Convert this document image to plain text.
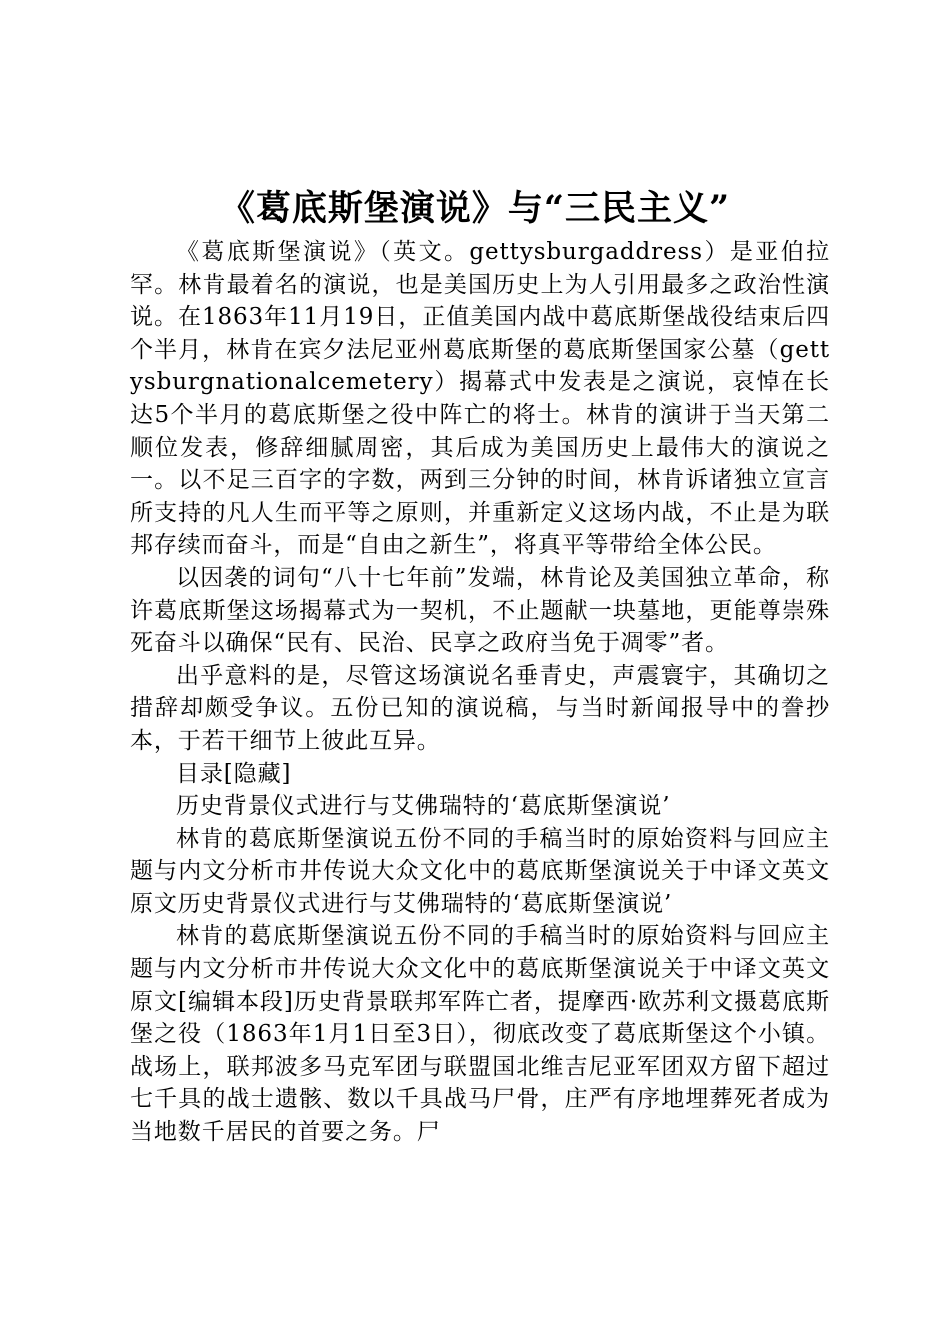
《葛底斯堡演说》与“三民主义”

《葛底斯堡演说》（英文。gettysburgaddress）是亚伯拉罕。林肯最着名的演说，也是美国历史上为人引用最多之政治性演说。在1863年11月19日，正值美国内战中葛底斯堡战役结束后四个半月，林肯在宾夕法尼亚州葛底斯堡的葛底斯堡国家公墓（gettysburgnationalcemetery）揭幕式中发表是之演说，哀悼在长达5个半月的葛底斯堡之役中阵亡的将士。林肯的演讲于当天第二顺位发表，修辞细腻周密，其后成为美国历史上最伟大的演说之一。以不足三百字的字数，两到三分钟的时间，林肯诉诸独立宣言所支持的凡人生而平等之原则，并重新定义这场内战，不止是为联邦存续而奋斗，而是“自由之新生”，将真平等带给全体公民。

以因袭的词句“八十七年前”发端，林肯论及美国独立革命，称许葛底斯堡这场揭幕式为一契机，不止题献一块墓地，更能尊崇殊死奋斗以确保“民有、民治、民享之政府当免于凋零”者。

出乎意料的是，尽管这场演说名垂青史，声震寰宇，其确切之措辞却颇受争议。五份已知的演说稿，与当时新闻报导中的誊抄本，于若干细节上彼此互异。

目录[隐藏]

历史背景仪式进行与艾佛瑞特的‘葛底斯堡演说’

林肯的葛底斯堡演说五份不同的手稿当时的原始资料与回应主题与内文分析市井传说大众文化中的葛底斯堡演说关于中译文英文原文历史背景仪式进行与艾佛瑞特的‘葛底斯堡演说’

林肯的葛底斯堡演说五份不同的手稿当时的原始资料与回应主题与内文分析市井传说大众文化中的葛底斯堡演说关于中译文英文原文[编辑本段]历史背景联邦军阵亡者，提摩西·欧苏利文摄葛底斯堡之役（1863年1月1日至3日），彻底改变了葛底斯堡这个小镇。战场上，联邦波多马克军团与联盟国北维吉尼亚军团双方留下超过七千具的战士遗骸、数以千具战马尸骨，庄严有序地埋葬死者成为当地数千居民的首要之务。尸
